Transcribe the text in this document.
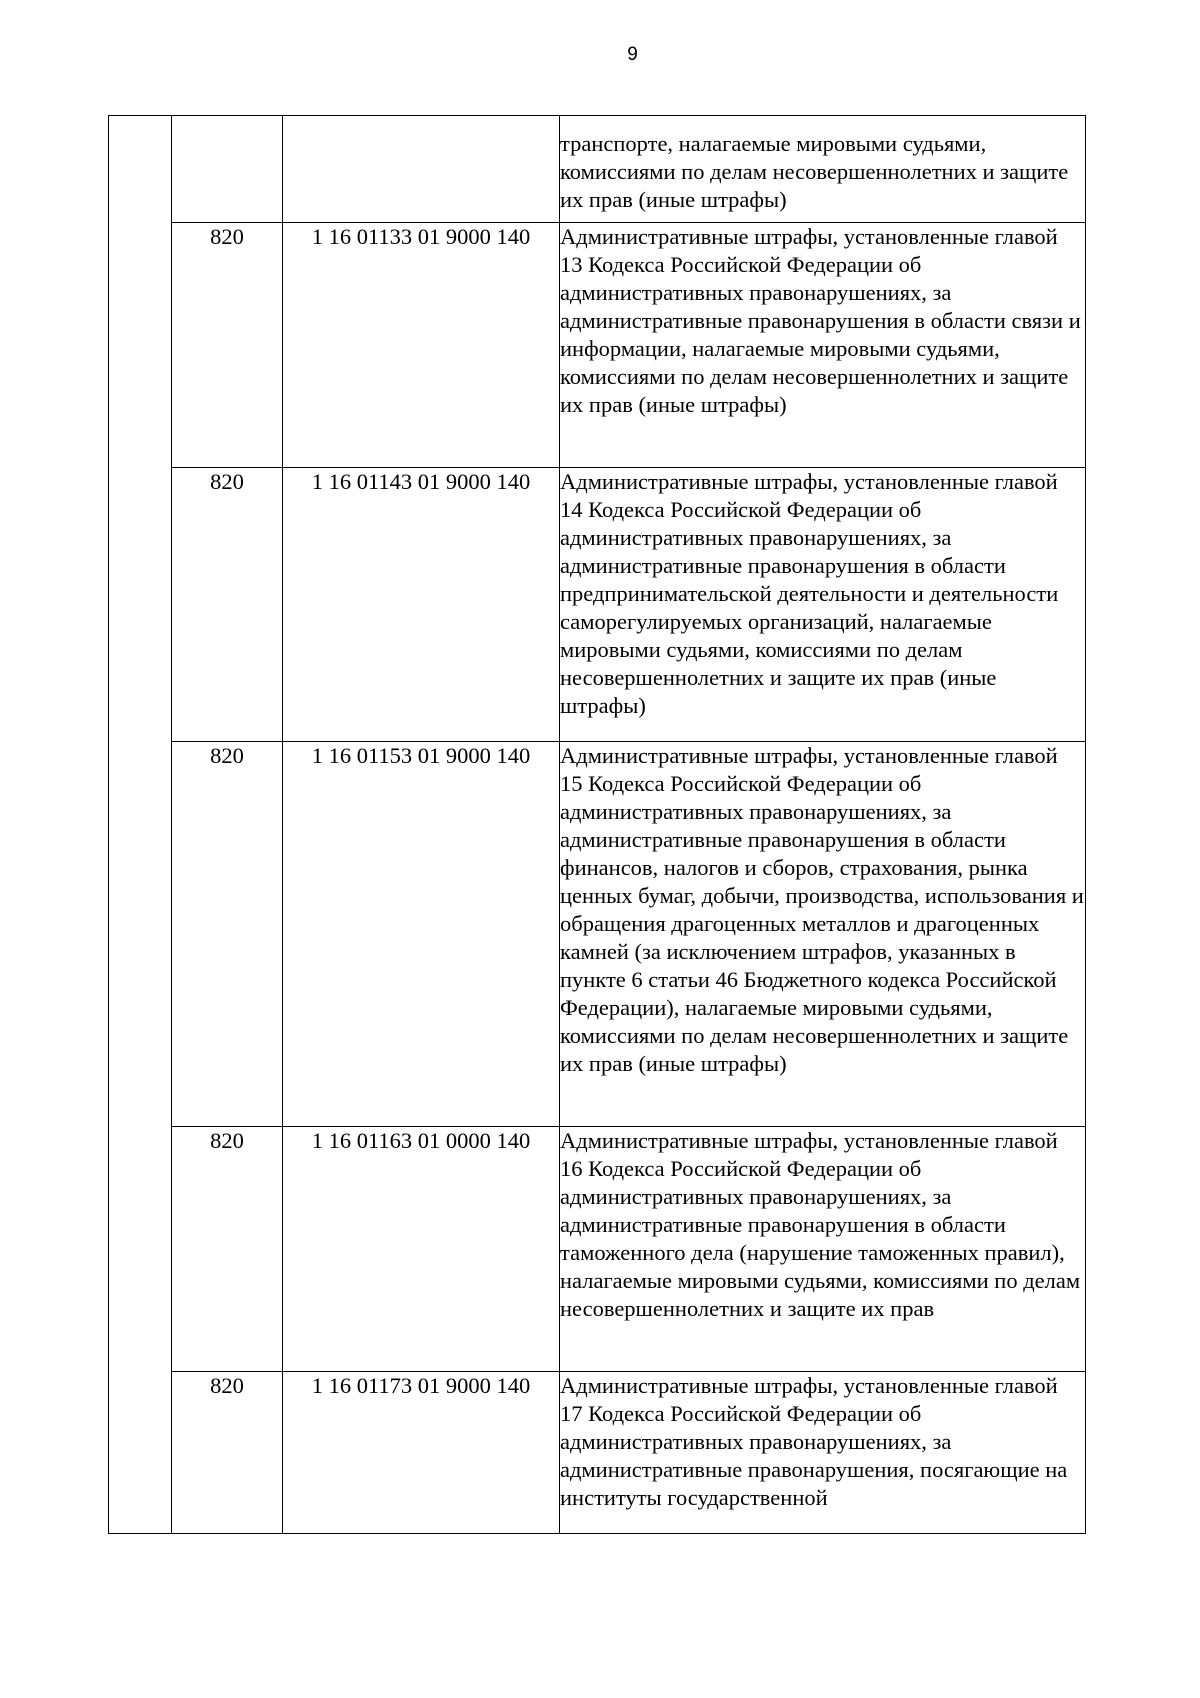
9

			транспорте, налагаемые мировыми судьями, комиссиями по делам несовершеннолетних и защите их прав (иные штрафы)

	820	1 16 01133 01 9000 140	Административные штрафы, установленные главой 13 Кодекса Российской Федерации об административных правонарушениях, за административные правонарушения в области связи и информации, налагаемые мировыми судьями, комиссиями по делам несовершеннолетних и защите их прав (иные штрафы)

	820	1 16 01143 01 9000 140	Административные штрафы, установленные главой 14 Кодекса Российской Федерации об административных правонарушениях, за административные правонарушения в области предпринимательской деятельности и деятельности саморегулируемых организаций, налагаемые мировыми судьями, комиссиями по делам несовершеннолетних и защите их прав (иные штрафы)

	820	1 16 01153 01 9000 140	Административные штрафы, установленные главой 15 Кодекса Российской Федерации об административных правонарушениях, за административные правонарушения в области финансов, налогов и сборов, страхования, рынка ценных бумаг, добычи, производства, использования и обращения драгоценных металлов и драгоценных камней (за исключением штрафов, указанных в пункте 6 статьи 46 Бюджетного кодекса Российской Федерации), налагаемые мировыми судьями, комиссиями по делам несовершеннолетних и защите их прав (иные штрафы)

	820	1 16 01163 01 0000 140	Административные штрафы, установленные главой 16 Кодекса Российской Федерации об административных правонарушениях, за административные правонарушения в области таможенного дела (нарушение таможенных правил), налагаемые мировыми судьями, комиссиями по делам несовершеннолетних и защите их прав

	820	1 16 01173 01 9000 140	Административные штрафы, установленные главой 17 Кодекса Российской Федерации об административных правонарушениях, за административные правонарушения, посягающие на институты государственной
